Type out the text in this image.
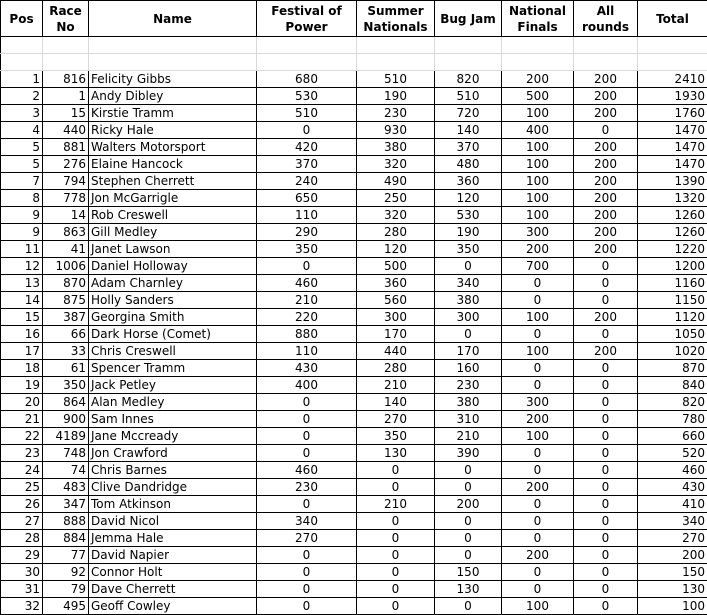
Pos	Race No	Name	Festival of Power	Summer Nationals	Bug Jam	National Finals	All rounds	Total

1	816	Felicity Gibbs	680	510	820	200	200	2410
2	1	Andy Dibley	530	190	510	500	200	1930
3	15	Kirstie Tramm	510	230	720	100	200	1760
4	440	Ricky Hale	0	930	140	400	0	1470
5	881	Walters Motorsport	420	380	370	100	200	1470
5	276	Elaine Hancock	370	320	480	100	200	1470
7	794	Stephen Cherrett	240	490	360	100	200	1390
8	778	Jon McGarrigle	650	250	120	100	200	1320
9	14	Rob Creswell	110	320	530	100	200	1260
9	863	Gill Medley	290	280	190	300	200	1260
11	41	Janet Lawson	350	120	350	200	200	1220
12	1006	Daniel Holloway	0	500	0	700	0	1200
13	870	Adam Charnley	460	360	340	0	0	1160
14	875	Holly Sanders	210	560	380	0	0	1150
15	387	Georgina Smith	220	300	300	100	200	1120
16	66	Dark Horse (Comet)	880	170	0	0	0	1050
17	33	Chris Creswell	110	440	170	100	200	1020
18	61	Spencer Tramm	430	280	160	0	0	870
19	350	Jack Petley	400	210	230	0	0	840
20	864	Alan Medley	0	140	380	300	0	820
21	900	Sam Innes	0	270	310	200	0	780
22	4189	Jane Mccready	0	350	210	100	0	660
23	748	Jon Crawford	0	130	390	0	0	520
24	74	Chris Barnes	460	0	0	0	0	460
25	483	Clive Dandridge	230	0	0	200	0	430
26	347	Tom Atkinson	0	210	200	0	0	410
27	888	David Nicol	340	0	0	0	0	340
28	884	Jemma Hale	270	0	0	0	0	270
29	77	David Napier	0	0	0	200	0	200
30	92	Connor Holt	0	0	150	0	0	150
31	79	Dave Cherrett	0	0	130	0	0	130
32	495	Geoff Cowley	0	0	0	100	0	100
